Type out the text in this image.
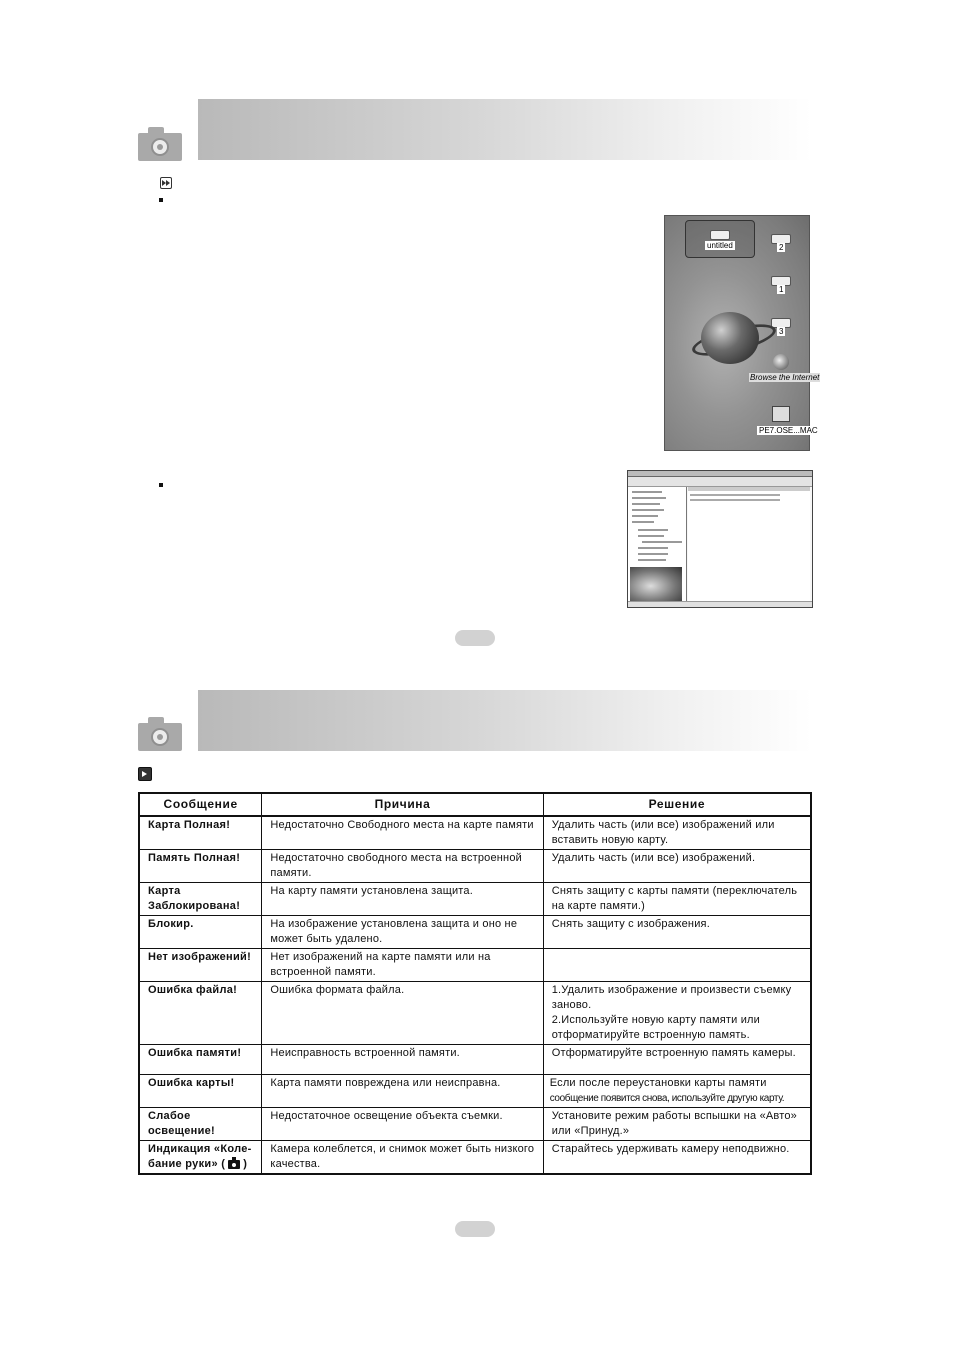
untitled	2
1
3
Browse the Internet
PE7.OSE...MAC
Сообщение	Причина	Решение
Карта Полная!	Недостаточно Свободного места на карте памяти	Удалить часть (или все) изображений или вставить новую карту.
Память Полная!	Недостаточно свободного места на встроенной памяти.	Удалить часть (или все) изображений.
Карта Заблокирована!	На карту памяти установлена защита.	Снять защиту с карты памяти (переключатель на карте памяти.)
Блокир.	На изображение установлена защита и оно не может быть удалено.	Снять защиту с изображения.
Нет изображений!	Нет изображений на карте памяти или на встроенной памяти.	
Ошибка файла!	Ошибка формата файла.	1.Удалить изображение и произвести съемку заново.
2.Используйте новую карту памяти или отформатируйте встроенную память.
Ошибка памяти!	Неисправность встроенной памяти.	Отформатируйте встроенную память камеры.
Ошибка карты!	Карта памяти повреждена или неисправна.	Если после переустановки карты памяти
сообщение появится снова, используйте другую карту.

Слабое освещение!	Недостаточное освещение объекта съемки.	Установите режим работы вспышки на «Авто» или «Принуд.»
Индикация «Коле-бание руки» ( )	Камера колеблется, и снимок может быть низкого качества.	Старайтесь удерживать камеру неподвижно.
